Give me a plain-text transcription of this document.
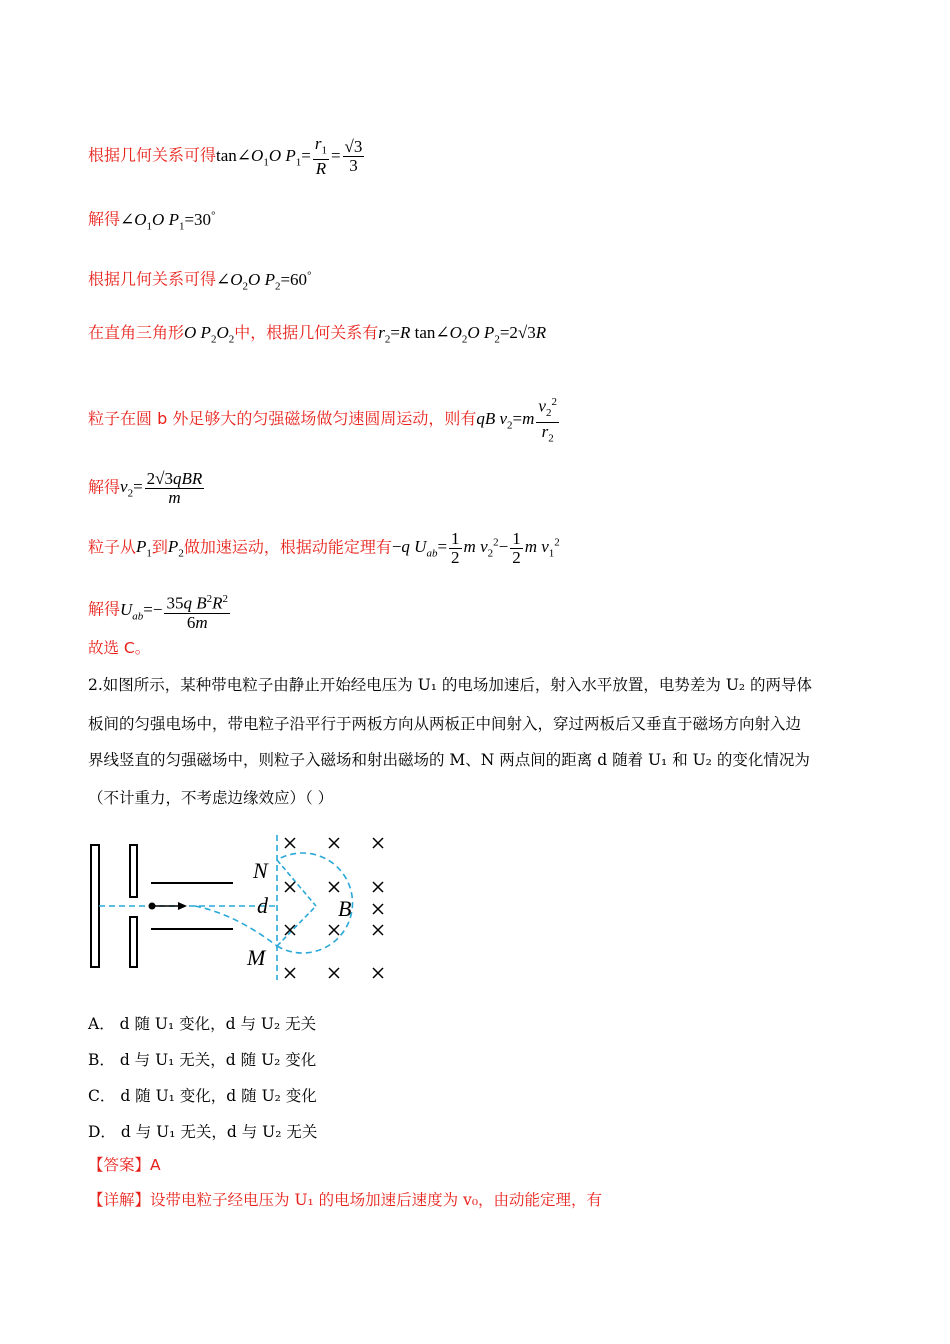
根据几何关系可得$\tan\angle O_1O$ $P_1= \frac{r_1}{R} = \frac{√3}{3}$
解得$\angle O_1O$ $P_1=30^\circ$
根据几何关系可得$\angle O_2O$ $P_2=60^\circ$
在直角三角形O $P_2O_2$中，根据几何关系有$r_2=R$ $\tan\angle O_2O$ $P_2=2√3R$
粒子在圆 b 外足够大的匀强磁场做匀速圆周运动，则有qB $v_2=m \frac{v_2^2}{r_2}$
解得$v_2= \frac{\text{2√3qBR}}{m}$
粒子从$P_1$到$P_2$做加速运动，根据动能定理有−q $U_{ab}= \frac{1}{2}$ m $v_2^2- \frac{1}{2}$ m $v_1^2$
解得$U_{ab}=- \frac{35q B^2R^2}{6m}$
故选 C。
2.如图所示，某种带电粒子由静止开始经电压为 U₁ 的电场加速后，射入水平放置，电势差为 U₂ 的两导体
板间的匀强电场中，带电粒子沿平行于两板方向从两板正中间射入，穿过两板后又垂直于磁场方向射入边
界线竖直的匀强磁场中，则粒子入磁场和射出磁场的 M、N 两点间的距离 d 随着 U₁ 和 U₂ 的变化情况为
（不计重力，不考虑边缘效应）（ ）
N
d	B
M
A． d 随 U₁ 变化，d 与 U₂ 无关
B． d 与 U₁ 无关，d 随 U₂ 变化
C． d 随 U₁ 变化，d 随 U₂ 变化
D． d 与 U₁ 无关，d 与 U₂ 无关
【答案】A
【详解】设带电粒子经电压为 U₁ 的电场加速后速度为 v₀，由动能定理，有
